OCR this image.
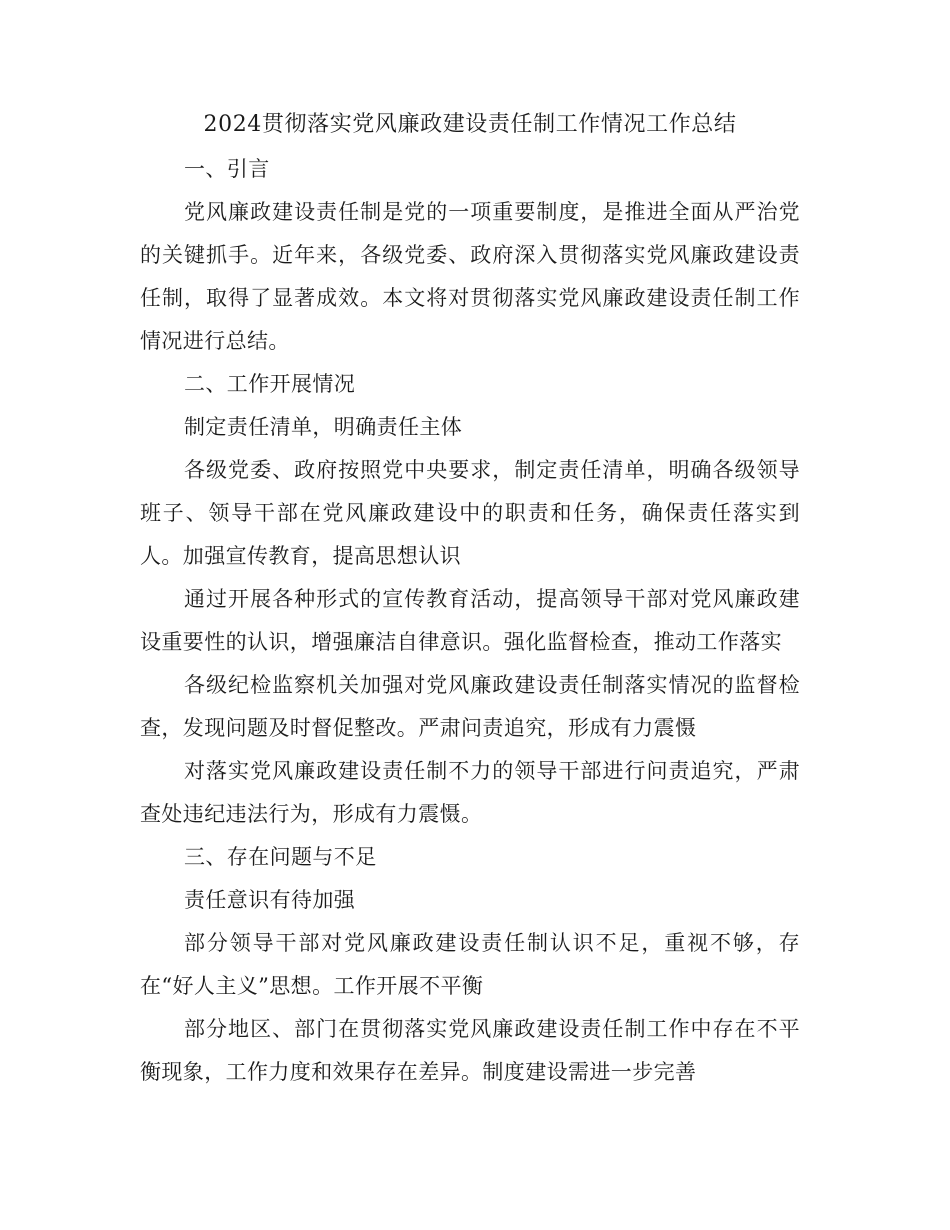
2024贯彻落实党风廉政建设责任制工作情况工作总结

一、引言

党风廉政建设责任制是党的一项重要制度，是推进全面从严治党的关键抓手。近年来，各级党委、政府深入贯彻落实党风廉政建设责任制，取得了显著成效。本文将对贯彻落实党风廉政建设责任制工作情况进行总结。

二、工作开展情况

制定责任清单，明确责任主体

各级党委、政府按照党中央要求，制定责任清单，明确各级领导班子、领导干部在党风廉政建设中的职责和任务，确保责任落实到人。加强宣传教育，提高思想认识

通过开展各种形式的宣传教育活动，提高领导干部对党风廉政建设重要性的认识，增强廉洁自律意识。强化监督检查，推动工作落实

各级纪检监察机关加强对党风廉政建设责任制落实情况的监督检查，发现问题及时督促整改。严肃问责追究，形成有力震慑

对落实党风廉政建设责任制不力的领导干部进行问责追究，严肃查处违纪违法行为，形成有力震慑。

三、存在问题与不足

责任意识有待加强

部分领导干部对党风廉政建设责任制认识不足，重视不够，存在“好人主义”思想。工作开展不平衡

部分地区、部门在贯彻落实党风廉政建设责任制工作中存在不平衡现象，工作力度和效果存在差异。制度建设需进一步完善
